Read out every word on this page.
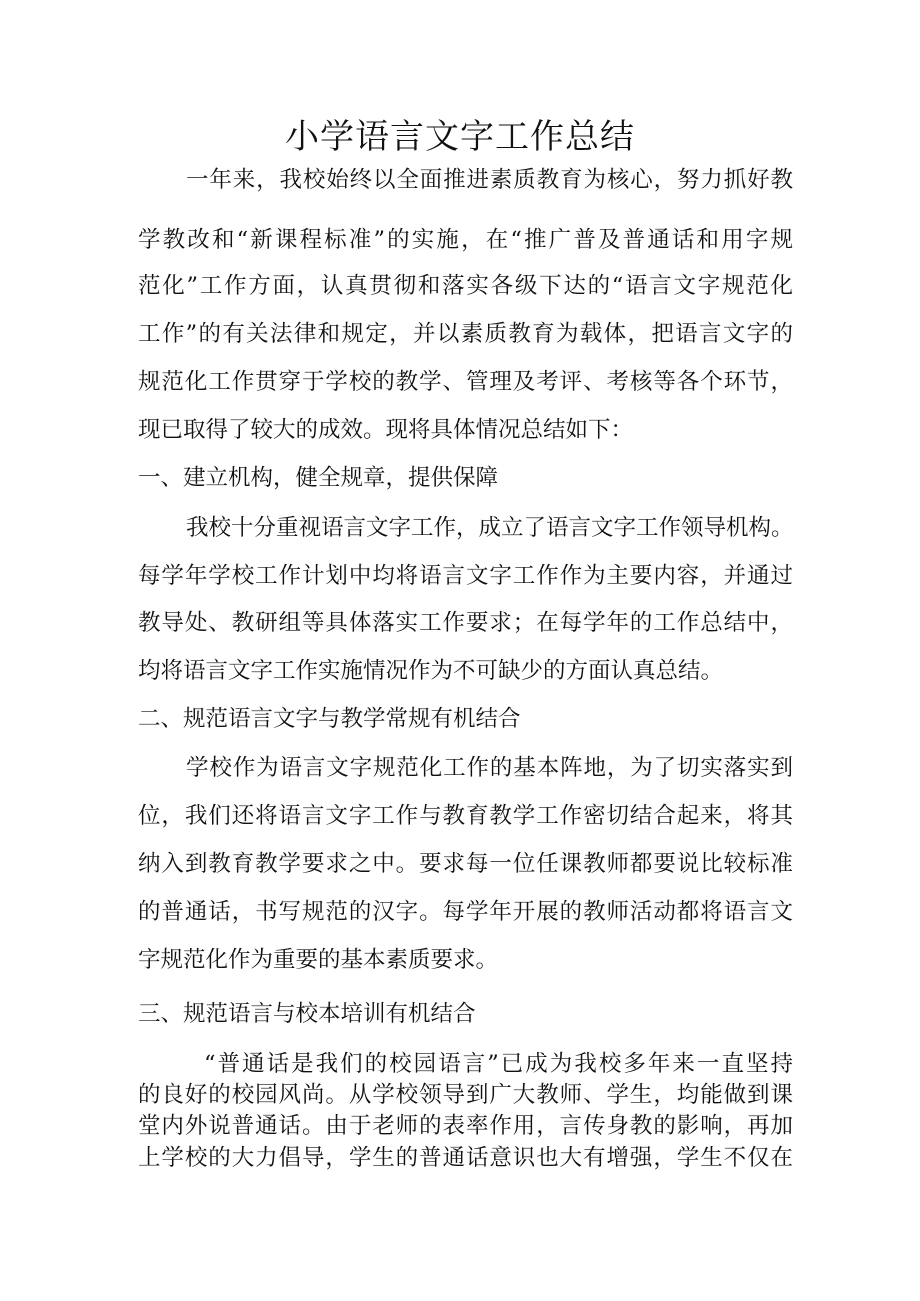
小学语言文字工作总结

一年来，我校始终以全面推进素质教育为核心，努力抓好教

学教改和“新课程标准”的实施，在“推广普及普通话和用字规

范化”工作方面，认真贯彻和落实各级下达的“语言文字规范化

工作”的有关法律和规定，并以素质教育为载体，把语言文字的

规范化工作贯穿于学校的教学、管理及考评、考核等各个环节，

现已取得了较大的成效。现将具体情况总结如下：

一、建立机构，健全规章，提供保障

我校十分重视语言文字工作，成立了语言文字工作领导机构。

每学年学校工作计划中均将语言文字工作作为主要内容，并通过

教导处、教研组等具体落实工作要求；在每学年的工作总结中，

均将语言文字工作实施情况作为不可缺少的方面认真总结。

二、规范语言文字与教学常规有机结合

学校作为语言文字规范化工作的基本阵地，为了切实落实到

位，我们还将语言文字工作与教育教学工作密切结合起来，将其

纳入到教育教学要求之中。要求每一位任课教师都要说比较标准

的普通话，书写规范的汉字。每学年开展的教师活动都将语言文

字规范化作为重要的基本素质要求。

三、规范语言与校本培训有机结合

“普通话是我们的校园语言”已成为我校多年来一直坚持

的良好的校园风尚。从学校领导到广大教师、学生，均能做到课

堂内外说普通话。由于老师的表率作用，言传身教的影响，再加

上学校的大力倡导，学生的普通话意识也大有增强，学生不仅在
